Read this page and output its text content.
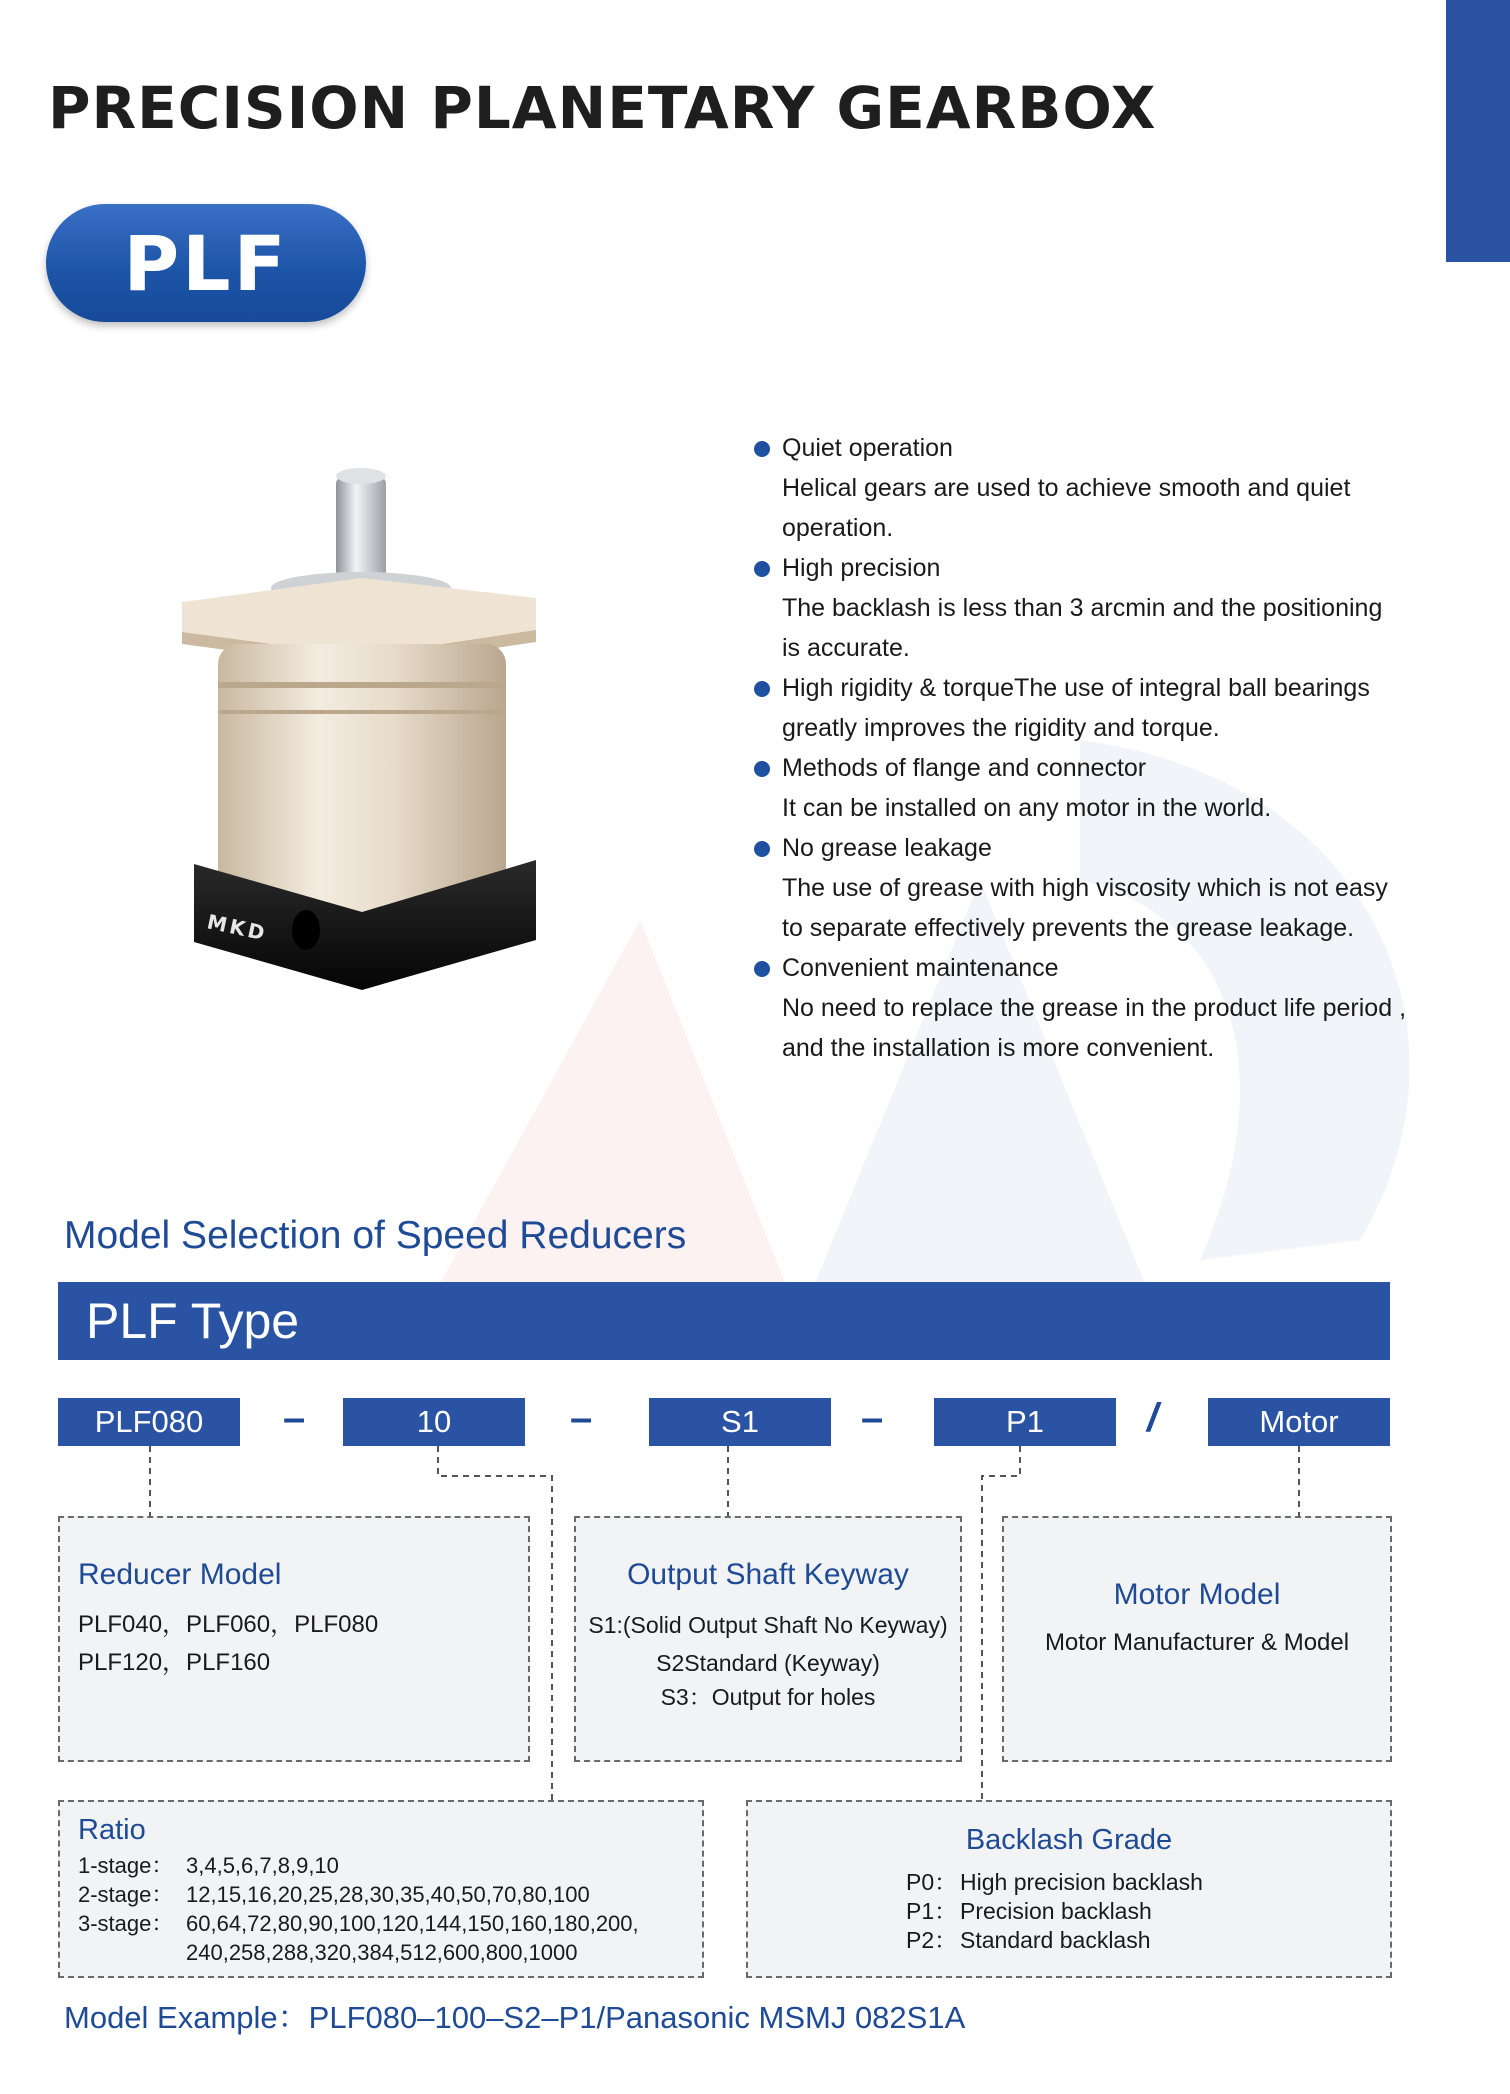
PRECISION PLANETARY GEARBOX
PLF
MKD
Quiet operation
Helical gears are used to achieve smooth and quiet
operation.
High precision
The backlash is less than 3 arcmin and the positioning
is accurate.
High rigidity & torqueThe use of integral ball bearings
greatly improves the rigidity and torque.
Methods of flange and connector
It can be installed on any motor in the world.
No grease leakage
The use of grease with high viscosity which is not easy
to separate effectively prevents the grease leakage.
Convenient maintenance
No need to replace the grease in the product life period ,
and the installation is more convenient.
Model Selection of Speed Reducers
PLF Type
PLF080	–	10	–	S1	–	P1	/	Motor
Reducer Model
PLF040，PLF060，PLF080
PLF120，PLF160
Output Shaft Keyway
S1:(Solid Output Shaft No Keyway)
S2Standard (Keyway)
S3：Output for holes
Motor Model
Motor Manufacturer & Model
Ratio
1-stage： 3,4,5,6,7,8,9,10
2-stage： 12,15,16,20,25,28,30,35,40,50,70,80,100
3-stage： 60,64,72,80,90,100,120,144,150,160,180,200,
240,258,288,320,384,512,600,800,1000
Backlash Grade
P0： High precision backlash
P1： Precision backlash
P2： Standard backlash
Model Example：PLF080–100–S2–P1/Panasonic MSMJ 082S1A
